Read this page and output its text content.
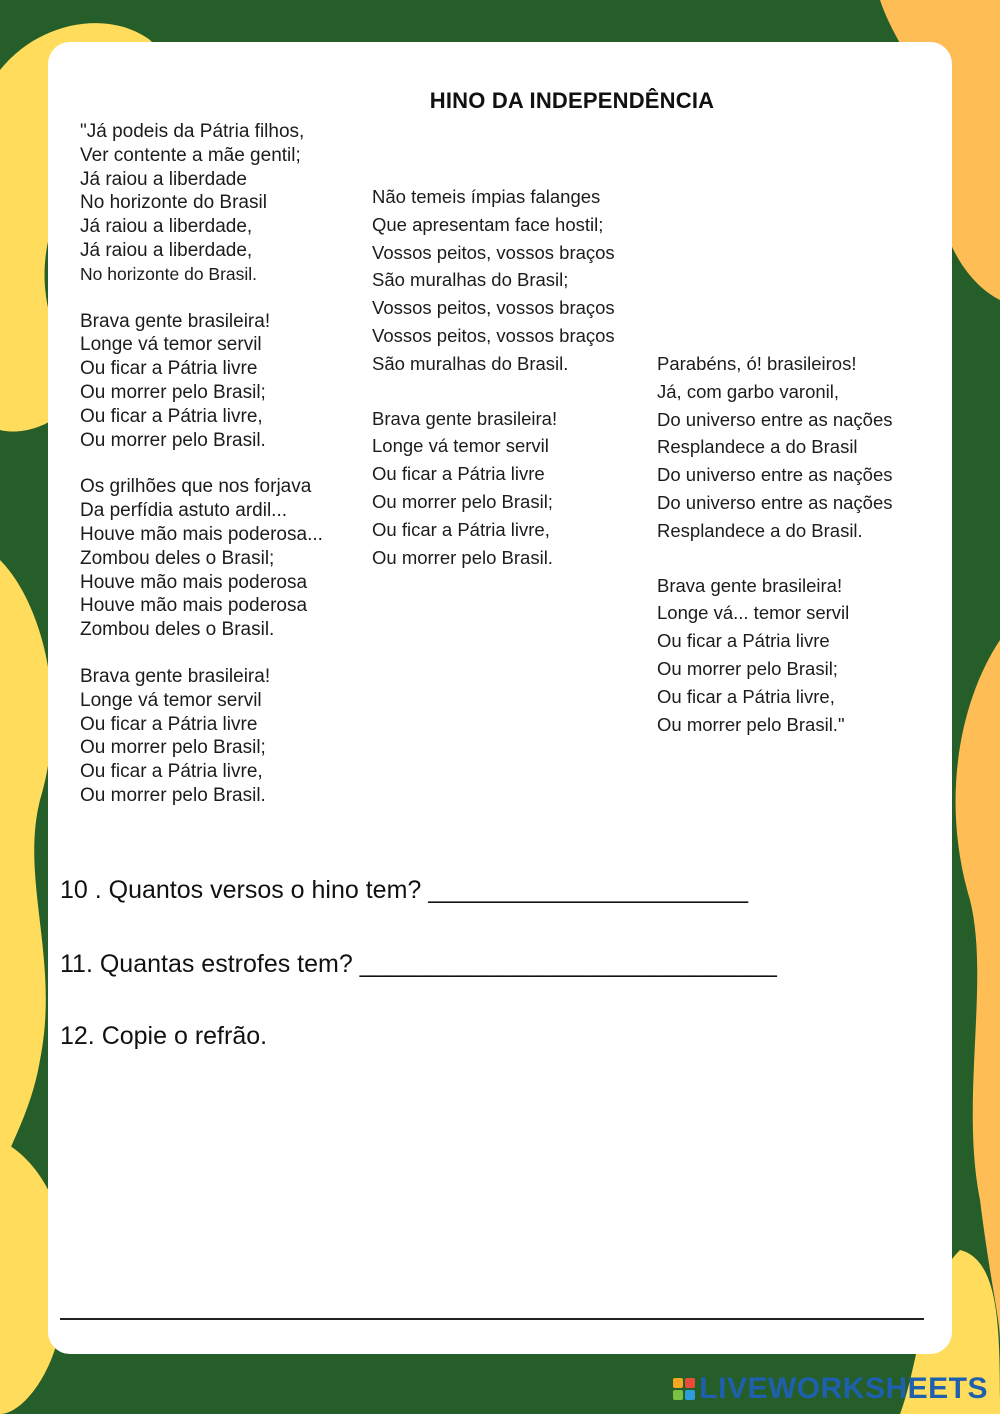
HINO DA INDEPENDÊNCIA
"Já podeis da Pátria filhos,
Ver contente a mãe gentil;
Já raiou a liberdade
No horizonte do Brasil
Já raiou a liberdade,
Já raiou a liberdade,
No horizonte do Brasil.
Brava gente brasileira!
Longe vá temor servil
Ou ficar a Pátria livre
Ou morrer pelo Brasil;
Ou ficar a Pátria livre,
Ou morrer pelo Brasil.
Os grilhões que nos forjava
Da perfídia astuto ardil...
Houve mão mais poderosa...
Zombou deles o Brasil;
Houve mão mais poderosa
Houve mão mais poderosa
Zombou deles o Brasil.
Brava gente brasileira!
Longe vá temor servil
Ou ficar a Pátria livre
Ou morrer pelo Brasil;
Ou ficar a Pátria livre,
Ou morrer pelo Brasil.
Não temeis ímpias falanges
Que apresentam face hostil;
Vossos peitos, vossos braços
São muralhas do Brasil;
Vossos peitos, vossos braços
Vossos peitos, vossos braços
São muralhas do Brasil.
Brava gente brasileira!
Longe vá temor servil
Ou ficar a Pátria livre
Ou morrer pelo Brasil;
Ou ficar a Pátria livre,
Ou morrer pelo Brasil.
Parabéns, ó! brasileiros!
Já, com garbo varonil,
Do universo entre as nações
Resplandece a do Brasil
Do universo entre as nações
Do universo entre as nações
Resplandece a do Brasil.
Brava gente brasileira!
Longe vá... temor servil
Ou ficar a Pátria livre
Ou morrer pelo Brasil;
Ou ficar a Pátria livre,
Ou morrer pelo Brasil."
10 . Quantos versos o hino tem? _______________________
11. Quantas estrofes tem? ______________________________
12. Copie o refrão.
LIVEWORKSHEETS
